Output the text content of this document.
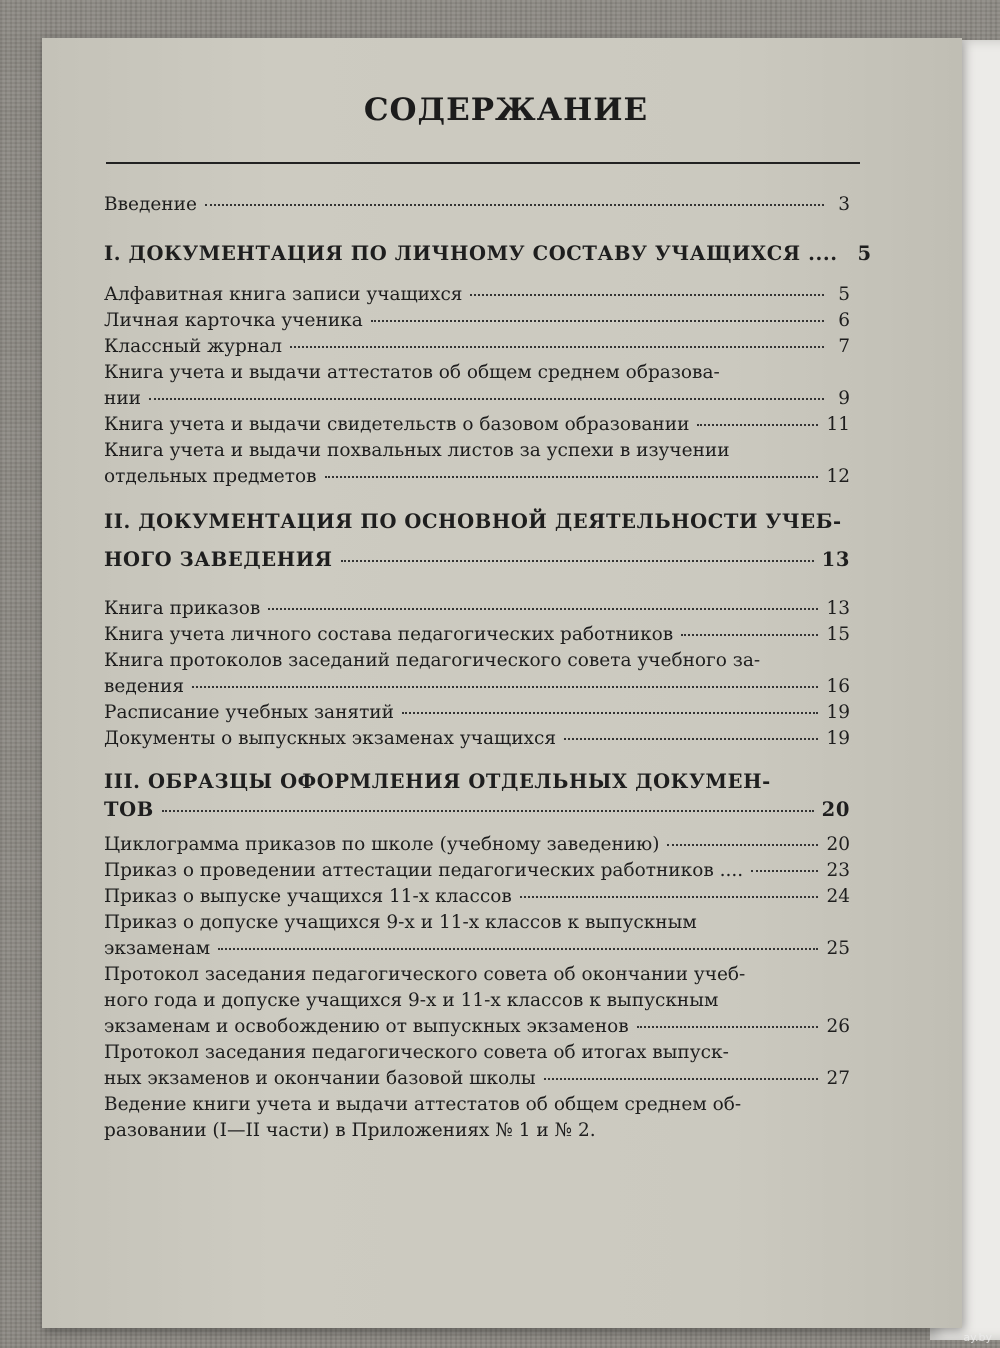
СОДЕРЖАНИЕ
Введение	3
I. ДОКУМЕНТАЦИЯ ПО ЛИЧНОМУ СОСТАВУ УЧАЩИХСЯ .... 5
Алфавитная книга записи учащихся	5
Личная карточка ученика	6
Классный журнал	7
Книга учета и выдачи аттестатов об общем среднем образова-
нии	9
Книга учета и выдачи свидетельств о базовом образовании	11
Книга учета и выдачи похвальных листов за успехи в изучении
отдельных предметов	12
II. ДОКУМЕНТАЦИЯ ПО ОСНОВНОЙ ДЕЯТЕЛЬНОСТИ УЧЕБ-
НОГО ЗАВЕДЕНИЯ	13
Книга приказов	13
Книга учета личного состава педагогических работников	15
Книга протоколов заседаний педагогического совета учебного за-
ведения	16
Расписание учебных занятий	19
Документы о выпускных экзаменах учащихся	19
III. ОБРАЗЦЫ ОФОРМЛЕНИЯ ОТДЕЛЬНЫХ ДОКУМЕН-
ТОВ	20
Циклограмма приказов по школе (учебному заведению)	20
Приказ о проведении аттестации педагогических работников ....	23
Приказ о выпуске учащихся 11-х классов	24
Приказ о допуске учащихся 9-х и 11-х классов к выпускным
экзаменам	25
Протокол заседания педагогического совета об окончании учеб-
ного года и допуске учащихся 9-х и 11-х классов к выпускным
экзаменам и освобождению от выпускных экзаменов	26
Протокол заседания педагогического совета об итогах выпуск-
ных экзаменов и окончании базовой школы	27
Ведение книги учета и выдачи аттестатов об общем среднем об-
разовании (I—II части) в Приложениях № 1 и № 2.
ay.by
